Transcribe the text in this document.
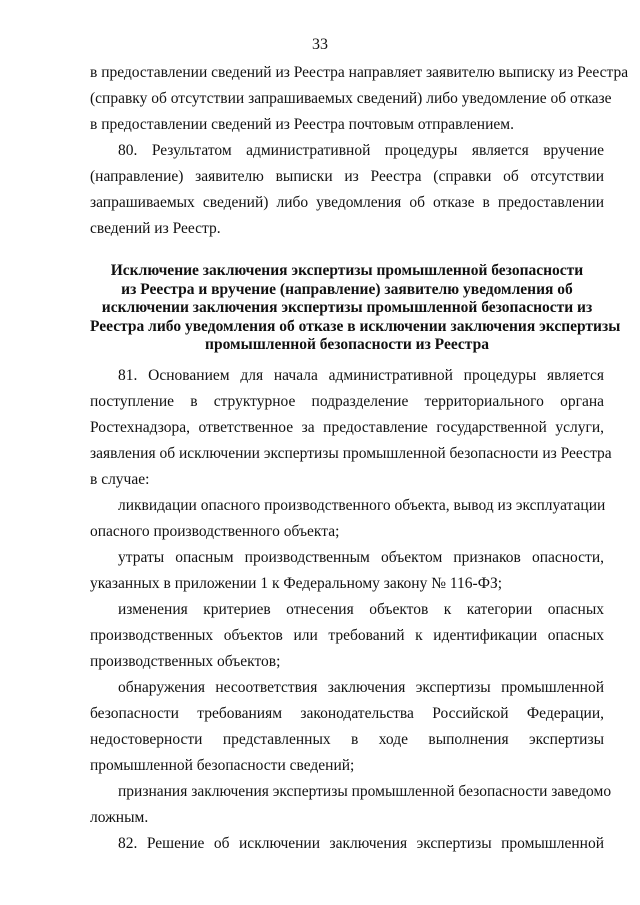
33
в предоставлении сведений из Реестра направляет заявителю выписку из Реестра
(справку об отсутствии запрашиваемых сведений) либо уведомление об отказе
в предоставлении сведений из Реестра почтовым отправлением.
80. Результатом административной процедуры является вручение
(направление) заявителю выписки из Реестра (справки об отсутствии
запрашиваемых сведений) либо уведомления об отказе в предоставлении
сведений из Реестр.
Исключение заключения экспертизы промышленной безопасности
из Реестра и вручение (направление) заявителю уведомления об
исключении заключения экспертизы промышленной безопасности из
Реестра либо уведомления об отказе в исключении заключения экспертизы
промышленной безопасности из Реестра
81. Основанием для начала административной процедуры является
поступление в структурное подразделение территориального органа
Ростехнадзора, ответственное за предоставление государственной услуги,
заявления об исключении экспертизы промышленной безопасности из Реестра
в случае:
ликвидации опасного производственного объекта, вывод из эксплуатации
опасного производственного объекта;
утраты опасным производственным объектом признаков опасности,
указанных в приложении 1 к Федеральному закону № 116-ФЗ;
изменения критериев отнесения объектов к категории опасных
производственных объектов или требований к идентификации опасных
производственных объектов;
обнаружения несоответствия заключения экспертизы промышленной
безопасности требованиям законодательства Российской Федерации,
недостоверности представленных в ходе выполнения экспертизы
промышленной безопасности сведений;
признания заключения экспертизы промышленной безопасности заведомо
ложным.
82. Решение об исключении заключения экспертизы промышленной
